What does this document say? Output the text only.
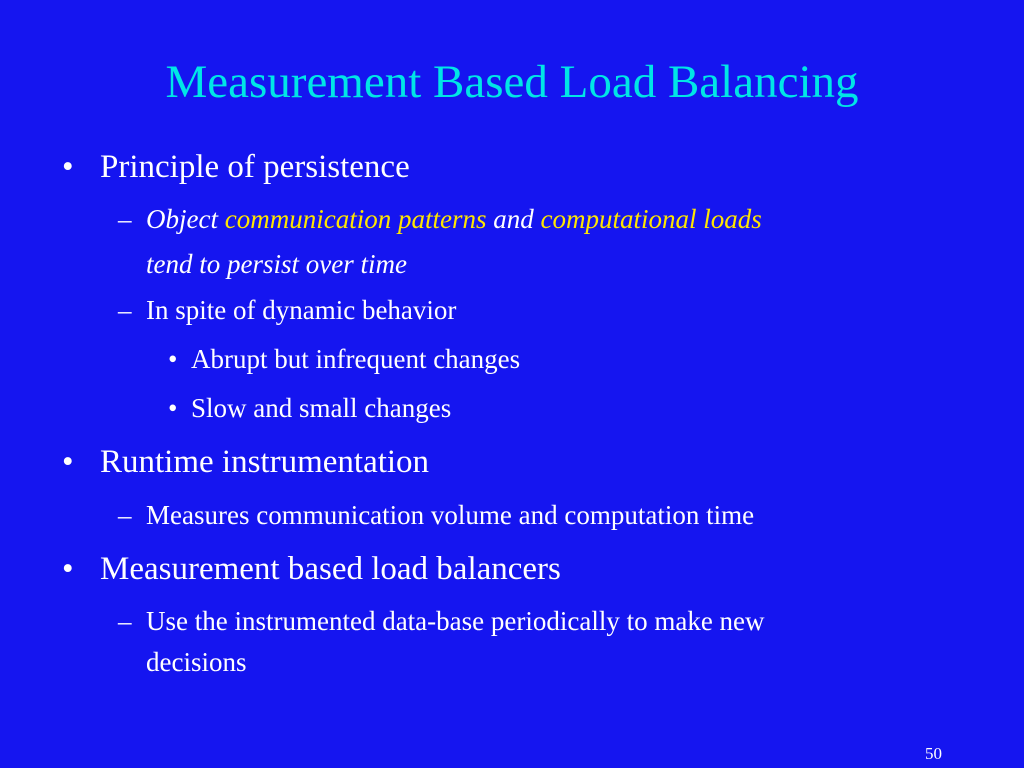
Measurement Based Load Balancing
• Principle of persistence
– Object communication patterns and computational loads
tend to persist over time
– In spite of dynamic behavior
• Abrupt but infrequent changes
• Slow and small changes
• Runtime instrumentation
– Measures communication volume and computation time
• Measurement based load balancers
– Use the instrumented data-base periodically to make new
decisions
50
